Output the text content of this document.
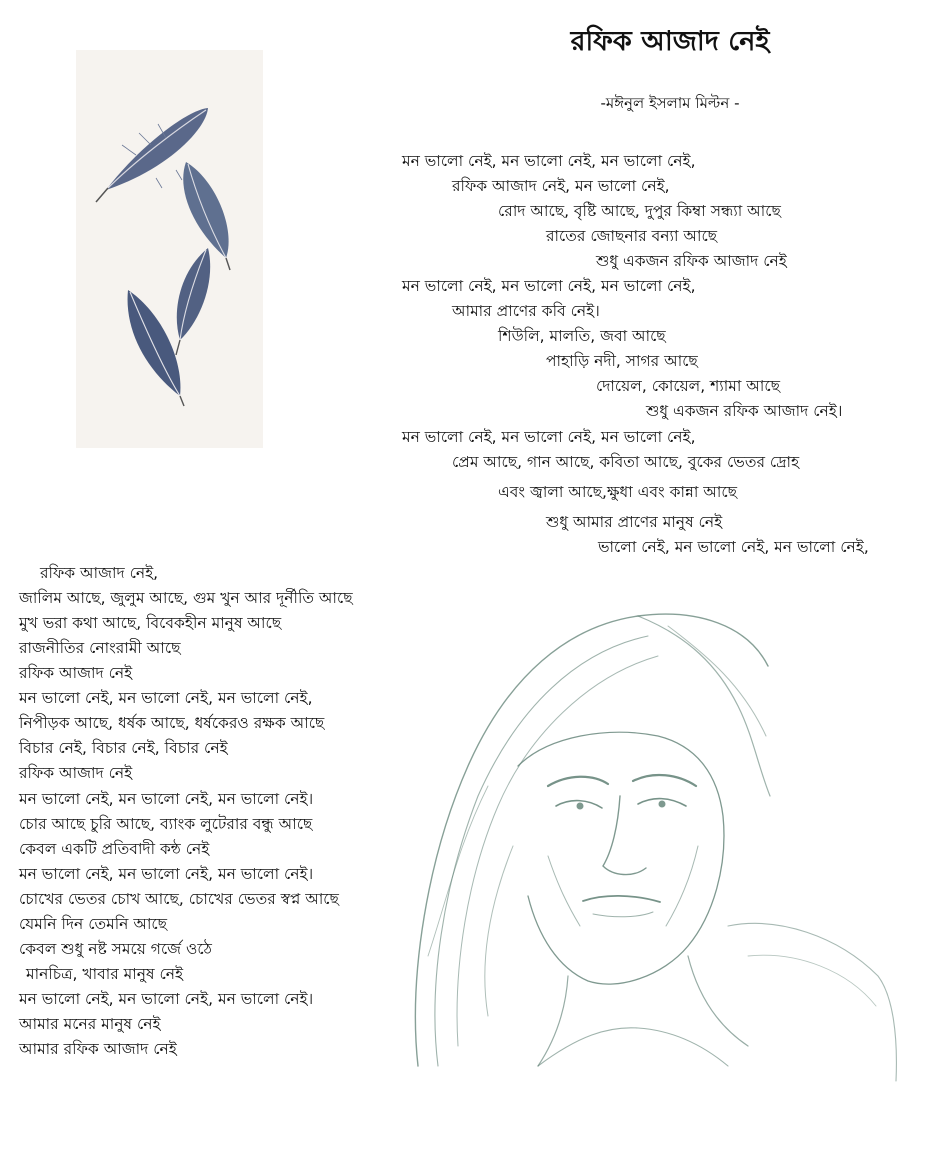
রফিক আজাদ নেই
-মঈনুল ইসলাম মিল্টন -
মন ভালো নেই, মন ভালো নেই, মন ভালো নেই,
রফিক আজাদ নেই, মন ভালো নেই,
রোদ আছে, বৃষ্টি আছে, দুপুর কিম্বা সন্ধ্যা আছে
রাতের জোছনার বন্যা আছে
শুধু একজন রফিক আজাদ নেই
মন ভালো নেই, মন ভালো নেই, মন ভালো নেই,
আমার প্রাণের কবি নেই।
শিউলি, মালতি, জবা আছে
পাহাড়ি নদী, সাগর আছে
দোয়েল, কোয়েল, শ্যামা আছে
শুধু একজন রফিক আজাদ নেই।
মন ভালো নেই, মন ভালো নেই, মন ভালো নেই,
প্রেম আছে, গান আছে, কবিতা আছে, বুকের ভেতর দ্রোহ
এবং জ্বালা আছে,ক্ষুধা এবং কান্না আছে
শুধু আমার প্রাণের মানুষ নেই
ভালো নেই, মন ভালো নেই, মন ভালো নেই,
রফিক আজাদ নেই,
জালিম আছে, জুলুম আছে, গুম খুন আর দূর্নীতি আছে
মুখ ভরা কথা আছে, বিবেকহীন মানুষ আছে
রাজনীতির নোংরামী আছে
রফিক আজাদ নেই
মন ভালো নেই, মন ভালো নেই, মন ভালো নেই,
নিপীড়ক আছে, ধর্ষক আছে, ধর্ষকেরও রক্ষক আছে
বিচার নেই, বিচার নেই, বিচার নেই
রফিক আজাদ নেই
মন ভালো নেই, মন ভালো নেই, মন ভালো নেই।
চোর আছে চুরি আছে, ব্যাংক লুটেরার বন্ধু আছে
কেবল একটি প্রতিবাদী কন্ঠ নেই
মন ভালো নেই, মন ভালো নেই, মন ভালো নেই।
চোখের ভেতর চোখ আছে, চোখের ভেতর স্বপ্ন আছে
যেমনি দিন তেমনি আছে
কেবল শুধু নষ্ট সময়ে গর্জে ওঠে
মানচিত্র, খাবার মানুষ নেই
মন ভালো নেই, মন ভালো নেই, মন ভালো নেই।
আমার মনের মানুষ নেই
আমার রফিক আজাদ নেই
